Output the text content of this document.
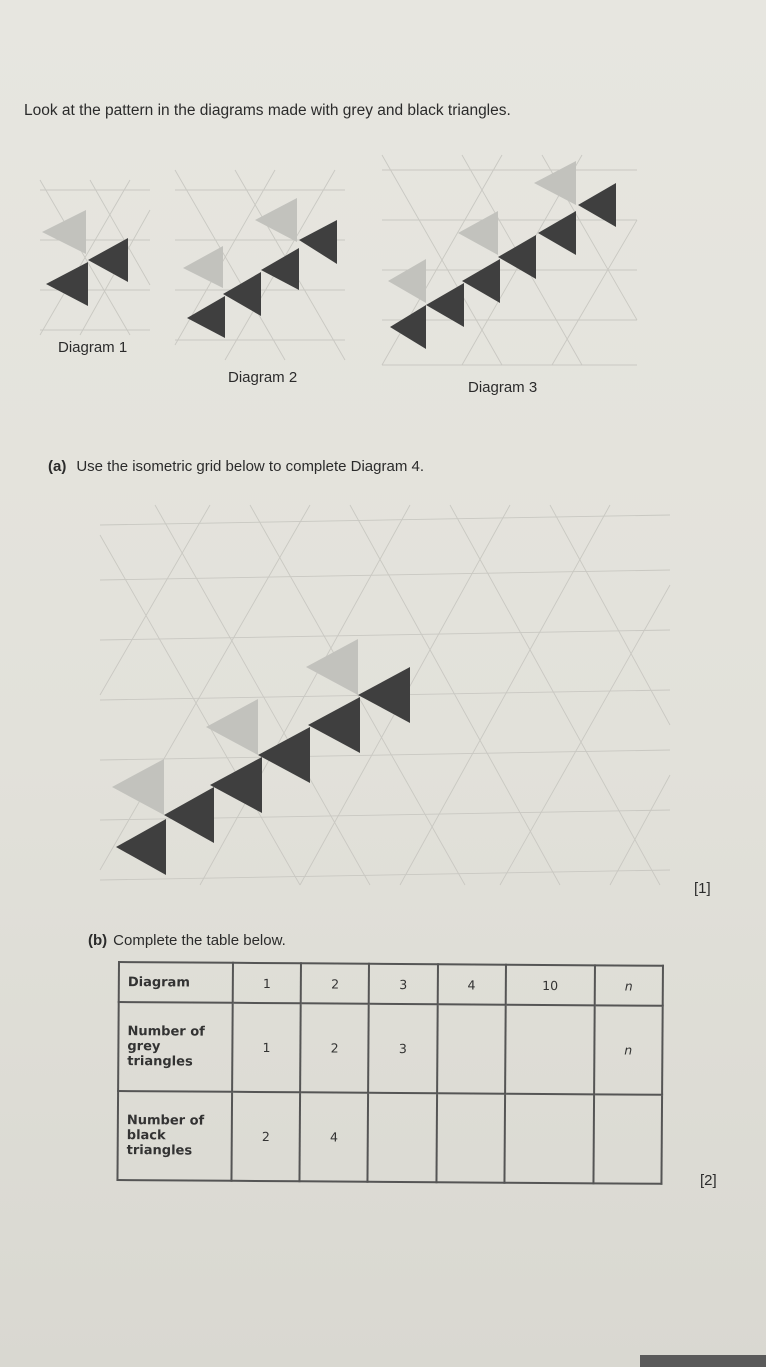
Look at the pattern in the diagrams made with grey and black triangles.
Diagram 1
Diagram 2
Diagram 3
(a) Use the isometric grid below to complete Diagram 4.
[1]
(b) Complete the table below.
Diagram	1	2	3	4	10	n
Number of grey triangles	1	2	3			n
Number of black triangles	2	4				
[2]
